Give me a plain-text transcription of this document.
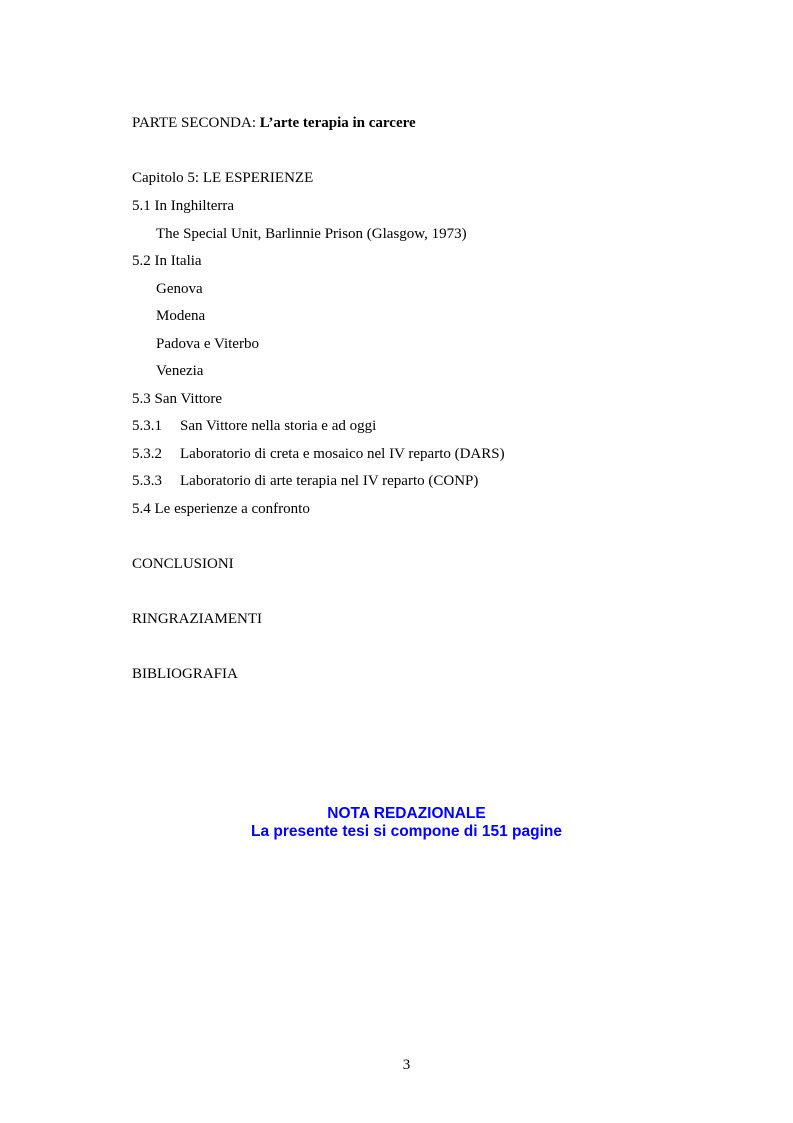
PARTE SECONDA: L’arte terapia in carcere
Capitolo 5: LE ESPERIENZE
5.1 In Inghilterra
The Special Unit, Barlinnie Prison (Glasgow, 1973)
5.2 In Italia
Genova
Modena
Padova e Viterbo
Venezia
5.3 San Vittore
5.3.1 San Vittore nella storia e ad oggi
5.3.2 Laboratorio di creta e mosaico nel IV reparto (DARS)
5.3.3 Laboratorio di arte terapia nel IV reparto (CONP)
5.4 Le esperienze a confronto
CONCLUSIONI
RINGRAZIAMENTI
BIBLIOGRAFIA
NOTA REDAZIONALE
La presente tesi si compone di 151 pagine
3
